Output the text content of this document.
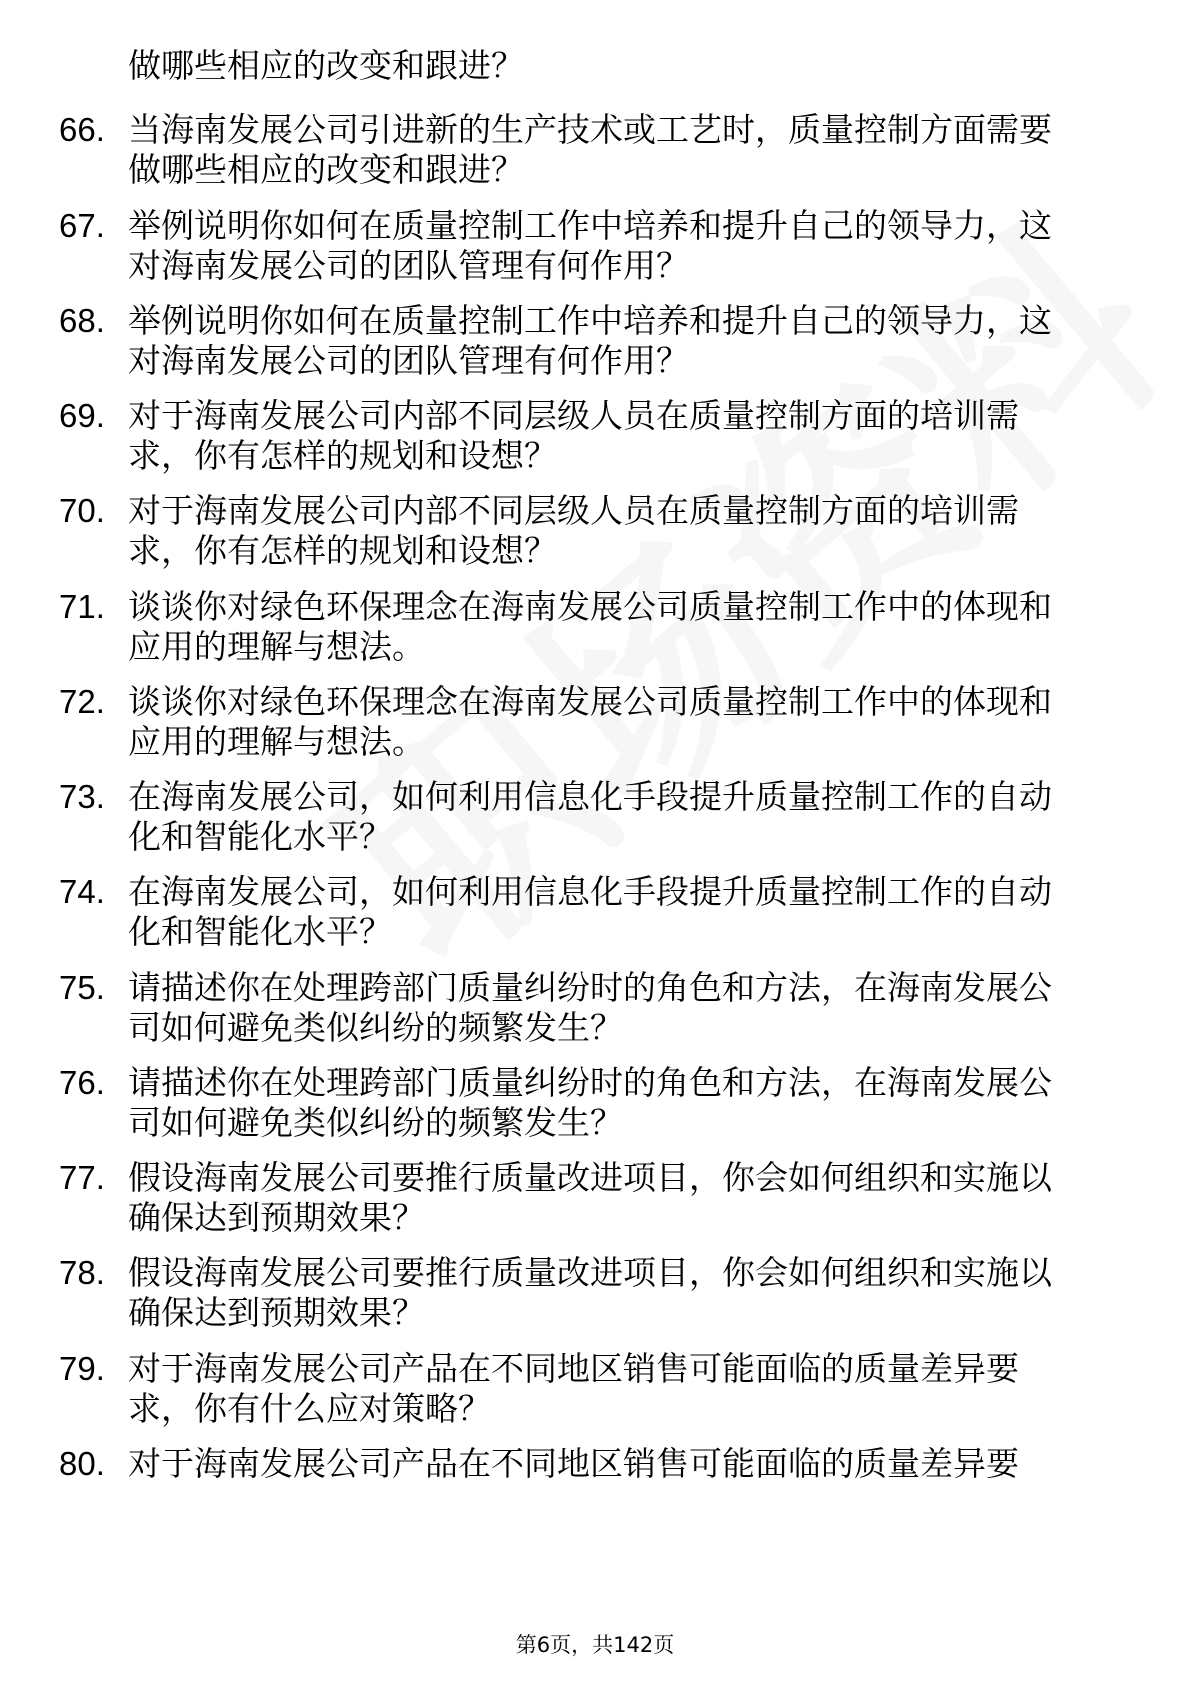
做哪些相应的改变和跟进？
66. 当海南发展公司引进新的生产技术或工艺时，质量控制方面需要
做哪些相应的改变和跟进？
67. 举例说明你如何在质量控制工作中培养和提升自己的领导力，这
对海南发展公司的团队管理有何作用？
68. 举例说明你如何在质量控制工作中培养和提升自己的领导力，这
对海南发展公司的团队管理有何作用？
69. 对于海南发展公司内部不同层级人员在质量控制方面的培训需
求，你有怎样的规划和设想？
70. 对于海南发展公司内部不同层级人员在质量控制方面的培训需
求，你有怎样的规划和设想？
71. 谈谈你对绿色环保理念在海南发展公司质量控制工作中的体现和
应用的理解与想法。
72. 谈谈你对绿色环保理念在海南发展公司质量控制工作中的体现和
应用的理解与想法。
73. 在海南发展公司，如何利用信息化手段提升质量控制工作的自动
化和智能化水平？
74. 在海南发展公司，如何利用信息化手段提升质量控制工作的自动
化和智能化水平？
75. 请描述你在处理跨部门质量纠纷时的角色和方法，在海南发展公
司如何避免类似纠纷的频繁发生？
76. 请描述你在处理跨部门质量纠纷时的角色和方法，在海南发展公
司如何避免类似纠纷的频繁发生？
77. 假设海南发展公司要推行质量改进项目，你会如何组织和实施以
确保达到预期效果？
78. 假设海南发展公司要推行质量改进项目，你会如何组织和实施以
确保达到预期效果？
79. 对于海南发展公司产品在不同地区销售可能面临的质量差异要
求，你有什么应对策略？
80. 对于海南发展公司产品在不同地区销售可能面临的质量差异要
第6页，共142页
